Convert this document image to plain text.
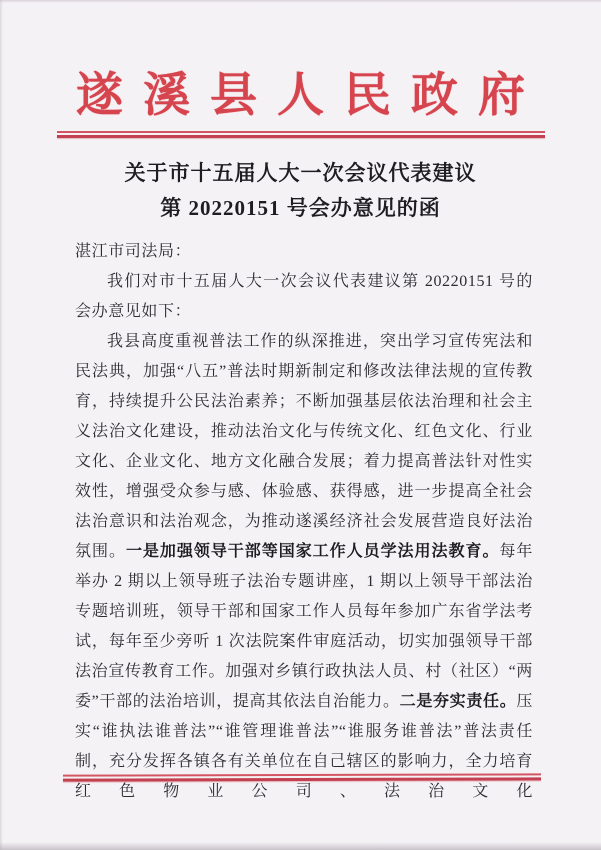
遂溪县人民政府
关于市十五届人大一次会议代表建议
第 20220151 号会办意见的函

湛江市司法局：

我们对市十五届人大一次会议代表建议第 20220151 号的会办意见如下：

我县高度重视普法工作的纵深推进，突出学习宣传宪法和民法典，加强“八五”普法时期新制定和修改法律法规的宣传教育，持续提升公民法治素养；不断加强基层依法治理和社会主义法治文化建设，推动法治文化与传统文化、红色文化、行业文化、企业文化、地方文化融合发展；着力提高普法针对性实效性，增强受众参与感、体验感、获得感，进一步提高全社会法治意识和法治观念，为推动遂溪经济社会发展营造良好法治氛围。一是加强领导干部等国家工作人员学法用法教育。每年举办 2 期以上领导班子法治专题讲座，1 期以上领导干部法治专题培训班，领导干部和国家工作人员每年参加广东省学法考试，每年至少旁听 1 次法院案件审庭活动，切实加强领导干部法治宣传教育工作。加强对乡镇行政执法人员、村（社区）“两委”干部的法治培训，提高其依法自治能力。二是夯实责任。压实“谁执法谁普法”“谁管理谁普法”“谁服务谁普法”普法责任制，充分发挥各镇各有关单位在自己辖区的影响力，全力培育红色物业公司、法治文化
